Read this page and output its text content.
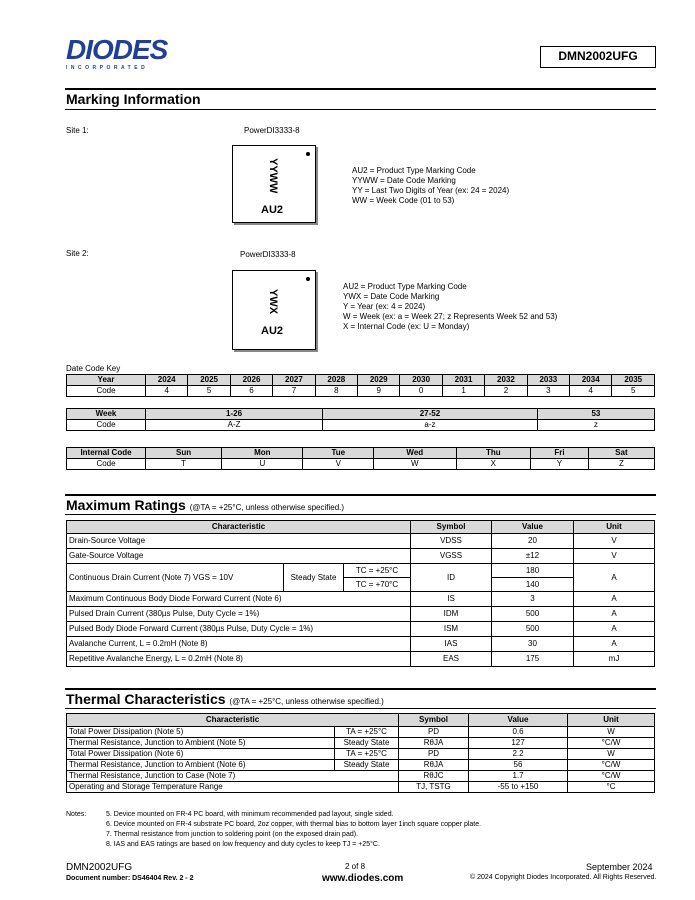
DIODES
INCORPORATED
DMN2002UFG
Marking Information
Site 1:	PowerDI3333-8
YYWW
AU2
AU2 = Product Type Marking Code
YYWW = Date Code Marking
YY = Last Two Digits of Year (ex: 24 = 2024)
WW = Week Code (01 to 53)
Site 2:	PowerDI3333-8
YWX
AU2
AU2 = Product Type Marking Code
YWX = Date Code Marking
Y = Year (ex: 4 = 2024)
W = Week (ex: a = Week 27; z Represents Week 52 and 53)
X = Internal Code (ex: U = Monday)
Date Code Key
Year	2024	2025	2026	2027	2028	2029	2030	2031	2032	2033	2034	2035
Code	4	5	6	7	8	9	0	1	2	3	4	5
Week	1-26	27-52	53
Code	A-Z	a-z	z
Internal Code	Sun	Mon	Tue	Wed	Thu	Fri	Sat
Code	T	U	V	W	X	Y	Z
Maximum Ratings (@TA = +25°C, unless otherwise specified.)
Characteristic			Symbol	Value	Unit
Drain-Source Voltage			VDSS	20	V
Gate-Source Voltage			VGSS	±12	V
Continuous Drain Current (Note 7) VGS = 10V	Steady State	TC = +25°C	ID	180	A
		TC = +70°C		140	
Maximum Continuous Body Diode Forward Current (Note 6)			IS	3	A
Pulsed Drain Current (380µs Pulse, Duty Cycle = 1%)			IDM	500	A
Pulsed Body Diode Forward Current (380µs Pulse, Duty Cycle = 1%)			ISM	500	A
Avalanche Current, L = 0.2mH (Note 8)			IAS	30	A
Repetitive Avalanche Energy, L = 0.2mH (Note 8)			EAS	175	mJ
Thermal Characteristics (@TA = +25°C, unless otherwise specified.)
Characteristic		Symbol	Value	Unit
Total Power Dissipation (Note 5)	TA = +25°C	PD	0.6	W
Thermal Resistance, Junction to Ambient (Note 5)	Steady State	RθJA	127	°C/W
Total Power Dissipation (Note 6)	TA = +25°C	PD	2.2	W
Thermal Resistance, Junction to Ambient (Note 6)	Steady State	RθJA	56	°C/W
Thermal Resistance, Junction to Case (Note 7)		RθJC	1.7	°C/W
Operating and Storage Temperature Range		TJ, TSTG	-55 to +150	°C
Notes:	5. Device mounted on FR-4 PC board, with minimum recommended pad layout, single sided.
6. Device mounted on FR-4 substrate PC board, 2oz copper, with thermal bias to bottom layer 1inch square copper plate.
7. Thermal resistance from junction to soldering point (on the exposed drain pad).
8. IAS and EAS ratings are based on low frequency and duty cycles to keep TJ = +25°C.
DMN2002UFG
Document number: DS46404 Rev. 2 - 2
2 of 8
www.diodes.com
September 2024
© 2024 Copyright Diodes Incorporated. All Rights Reserved.
